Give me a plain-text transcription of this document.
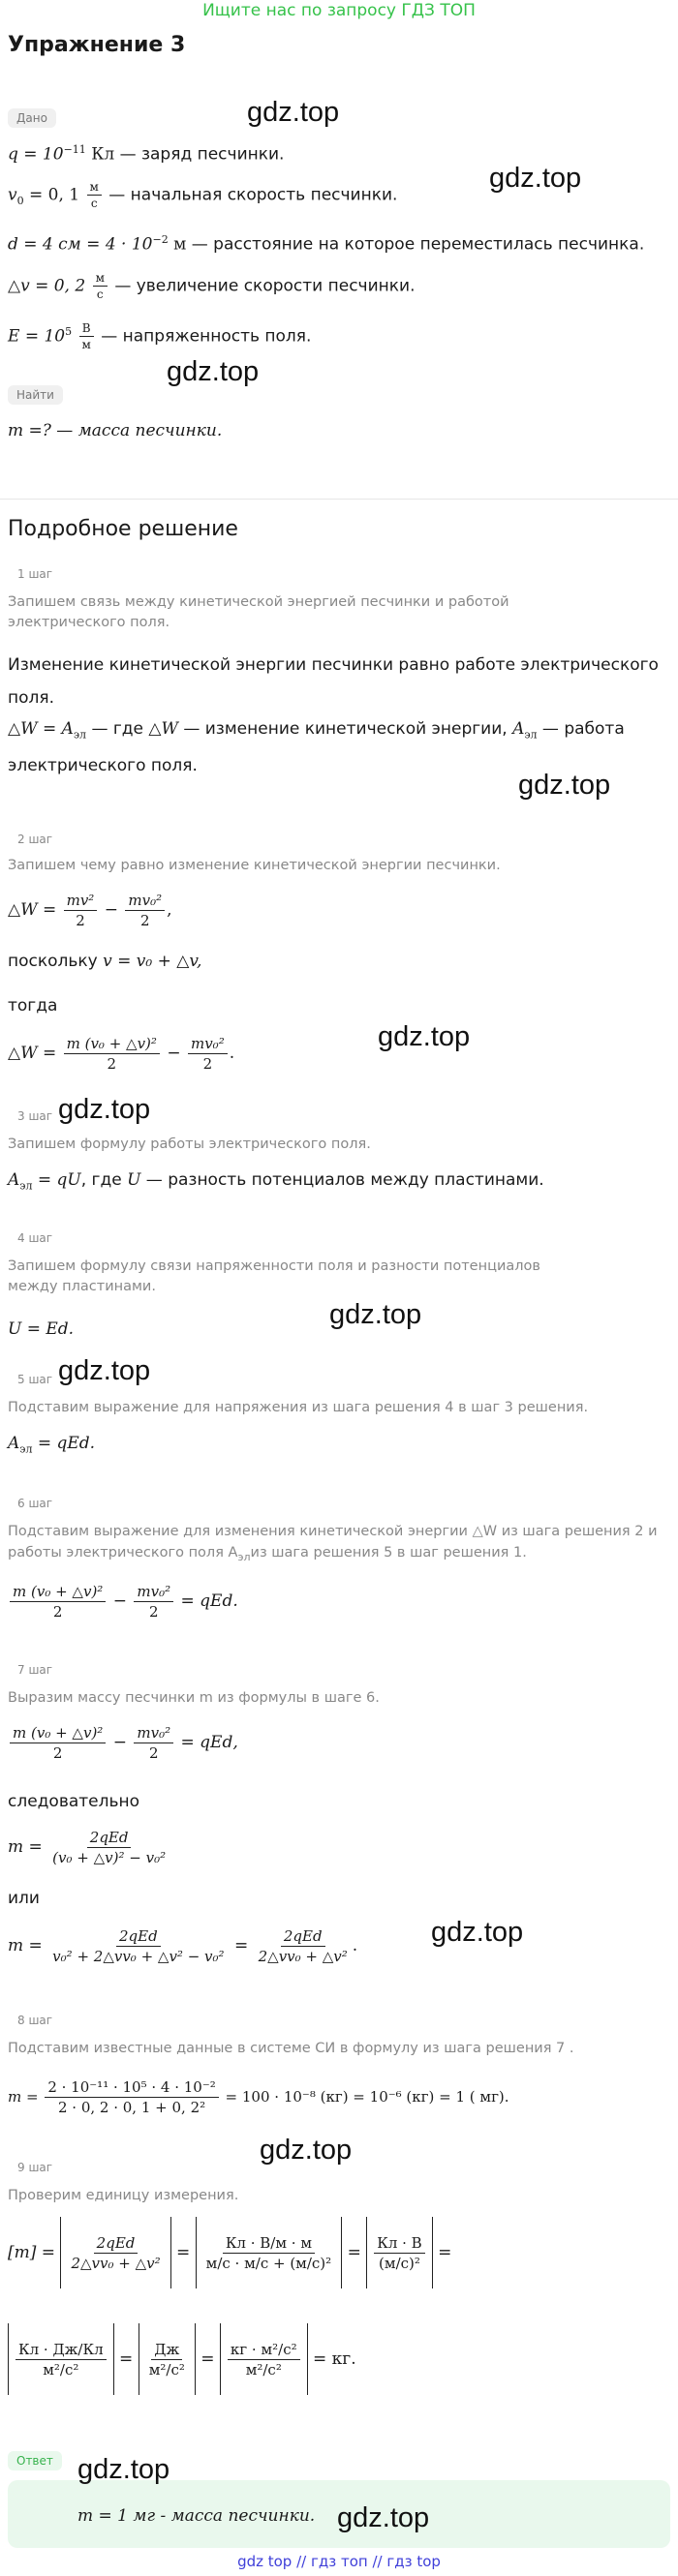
Ищите нас по запросу ГДЗ ТОП
Упражнение 3
Дано
$q = 10^{-11}$ Кл — заряд песчинки.
$v_0 = 0$, $1 \frac{м}{с}$ — начальная скорость песчинки.
d = 4 см = $4 \cdot 10^{-2}$ м — расстояние на которое переместилась песчинка.
△v = 0, $2 \frac{м}{с}$ — увеличение скорости песчинки.
$E = 10^5 \frac{В}{м}$ — напряженность поля.
Найти
m =? — масса песчинки.
Подробное решение
1 шаг
Запишем связь между кинетической энергией песчинки и работой электрического поля.
Изменение кинетической энергии песчинки равно работе электрического поля.
△W = $A_{эл}$ — где △W — изменение кинетической энергии, $A_{эл}$ — работа
электрического поля.
2 шаг
Запишем чему равно изменение кинетической энергии песчинки.
△W = $\frac{\text{mv²}}{2} - \frac{\text{mv₀²}}{2}$ ,
поскольку v = v₀ + △v,
тогда
△W = $\frac{\text{m (v₀ + △v)²}}{2} - \frac{\text{mv₀²}}{2}$ .
3 шаг
Запишем формулу работы электрического поля.
$A_{эл}$ = qU, где U — разность потенциалов между пластинами.
4 шаг
Запишем формулу связи напряженности поля и разности потенциалов между пластинами.
U = Ed.
5 шаг
Подставим выражение для напряжения из шага решения 4 в шаг 3 решения.
$A_{эл}$ = qEd.
6 шаг
Подставим выражение для изменения кинетической энергии △W из шага решения 2 и
работы электрического поля $A_{эл}из$ шага решения 5 в шаг решения 1.
$\frac{\text{m (v₀ + △v)²}}{2} - \frac{\text{mv₀²}}{2}$ = qEd.
7 шаг
Выразим массу песчинки m из формулы в шаге 6.
$\frac{\text{m (v₀ + △v)²}}{2} - \frac{\text{mv₀²}}{2}$ = qEd,
следовательно
$m = \frac{\text{2qEd}}{\text{(v₀ + △v)² − v₀²}}$
или
$m = \frac{\text{2qEd}}{\text{v₀² + 2△vv₀ + △v² − v₀²}} = \frac{\text{2qEd}}{\text{2△vv₀ + △v²}}$ .
8 шаг
Подставим известные данные в системе СИ в формулу из шага решения 7 .
$m = \frac{\text{2 · 10⁻¹¹ · 10⁵ · 4 · 10⁻²}}{\text{2 · 0, 2 · 0, 1 + 0, 2²}} = 100 \cdot 10^{-8}$ (кг) = 10⁻⁶ (кг) = 1 ( мг).
9 шаг
Проверим единицу измерения.
$[m] = \frac{\text{2qEd}}{\text{2△vv₀ + △v²}} = \frac{Кл \cdot В/м \cdot м}{\text{м/с · м/с + (м/с)²}} = \frac{Кл \cdot В}{\text{(м/с)²}}$ =
$\frac{Кл \cdot Дж/Кл}{\text{м²/с²}} = \frac{Дж}{\text{м²/с²}} = \frac{\text{кг · м²/с²}}{\text{м²/с²}}$ = кг.
Ответ
m = 1 мг - масса песчинки.
gdz.top
gdz.top
gdz.top
gdz.top
gdz.top
gdz.top
gdz.top
gdz.top
gdz.top
gdz.top
gdz.top
gdz.top
gdz top // гдз топ // гдз top
